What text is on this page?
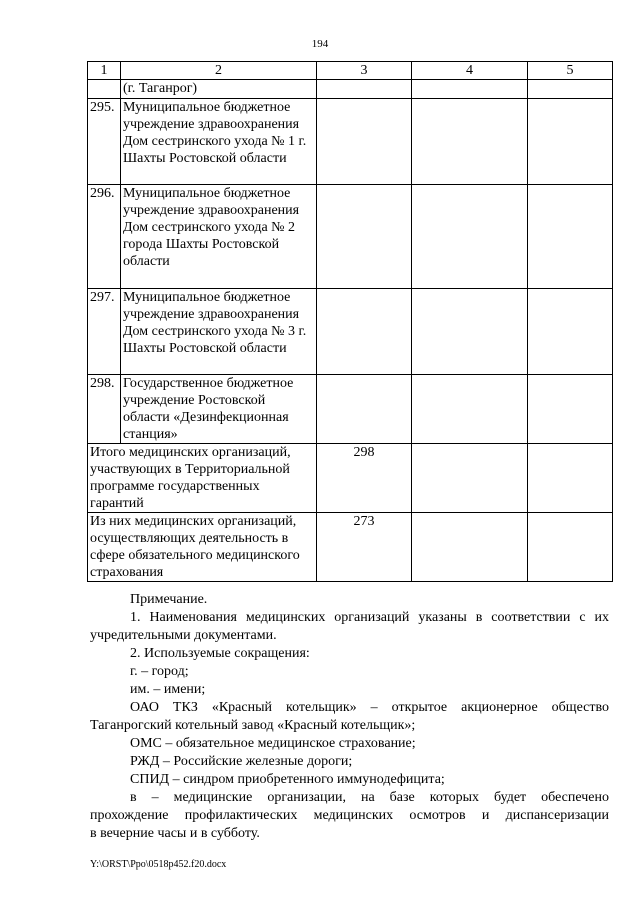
194
1	2	3	4	5
	(г. Таганрог)			
295.	Муниципальное бюджетное учреждение здравоохранения Дом сестринского ухода № 1 г. Шахты Ростовской области			
296.	Муниципальное бюджетное учреждение здравоохранения Дом сестринского ухода № 2 города Шахты Ростовской области			
297.	Муниципальное бюджетное учреждение здравоохранения Дом сестринского ухода № 3 г. Шахты Ростовской области			
298.	Государственное бюджетное учреждение Ростовской области «Дезинфекционная станция»			
Итого медицинских организаций, участвующих в Территориальной программе государственных гарантий		298		
Из них медицинских организаций, осуществляющих деятельность в сфере обязательного медицинского страхования		273		

Примечание.

1. Наименования медицинских организаций указаны в соответствии с их учредительными документами.

2. Используемые сокращения:

г. – город;

им. – имени;

ОАО ТКЗ «Красный котельщик» – открытое акционерное общество

Таганрогский котельный завод «Красный котельщик»;

ОМС – обязательное медицинское страхование;

РЖД – Российские железные дороги;

СПИД – синдром приобретенного иммунодефицита;

в – медицинские организации, на базе которых будет обеспечено

прохождение профилактических медицинских осмотров и диспансеризации

в вечерние часы и в субботу.

Y:\ORST\Ppo\0518p452.f20.docx
